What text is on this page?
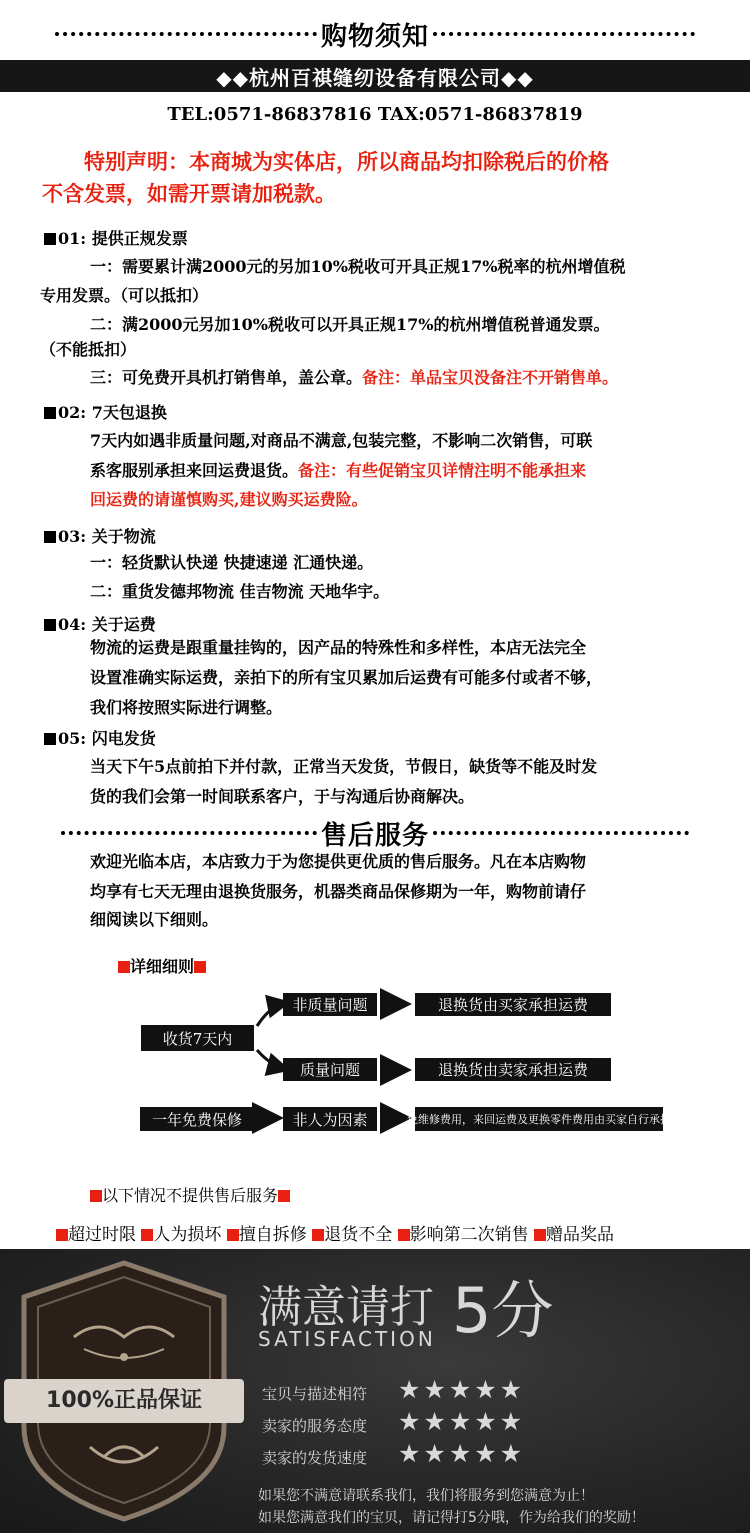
购物须知
◆◆杭州百祺缝纫设备有限公司◆◆
TEL:0571-86837816 TAX:0571-86837819
特别声明：本商城为实体店，所以商品均扣除税后的价格
不含发票，如需开票请加税款。
01: 提供正规发票
一：需要累计满2000元的另加10%税收可开具正规17%税率的杭州增值税
专用发票。（可以抵扣）
二：满2000元另加10%税收可以开具正规17%的杭州增值税普通发票。
（不能抵扣）
三：可免费开具机打销售单，盖公章。备注：单品宝贝没备注不开销售单。
02: 7天包退换
7天内如遇非质量问题,对商品不满意,包装完整，不影响二次销售，可联
系客服别承担来回运费退货。备注：有些促销宝贝详情注明不能承担来
回运费的请谨慎购买,建议购买运费险。
03: 关于物流
一：轻货默认快递 快捷速递 汇通快递。
二：重货发德邦物流 佳吉物流 天地华宇。
04: 关于运费
物流的运费是跟重量挂钩的，因产品的特殊性和多样性，本店无法完全
设置准确实际运费，亲拍下的所有宝贝累加后运费有可能多付或者不够，
我们将按照实际进行调整。
05: 闪电发货
当天下午5点前拍下并付款，正常当天发货，节假日，缺货等不能及时发
货的我们会第一时间联系客户，于与沟通后协商解决。
售后服务
欢迎光临本店，本店致力于为您提供更优质的售后服务。凡在本店购物
均享有七天无理由退换货服务，机器类商品保修期为一年，购物前请仔
细阅读以下细则。
详细细则
收货7天内
非质量问题	退换货由买家承担运费
质量问题	退换货由卖家承担运费
一年免费保修	非人为因素	免维修费用，来回运费及更换零件费用由买家自行承担
以下情况不提供售后服务
超过时限 人为损坏 擅自拆修 退货不全 影响第二次销售 赠品奖品
100%正品保证
满意请打 5分
SATISFACTION
宝贝与描述相符 ★★★★★
卖家的服务态度 ★★★★★
卖家的发货速度 ★★★★★
如果您不满意请联系我们，我们将服务到您满意为止！
如果您满意我们的宝贝，请记得打5分哦，作为给我们的奖励！
